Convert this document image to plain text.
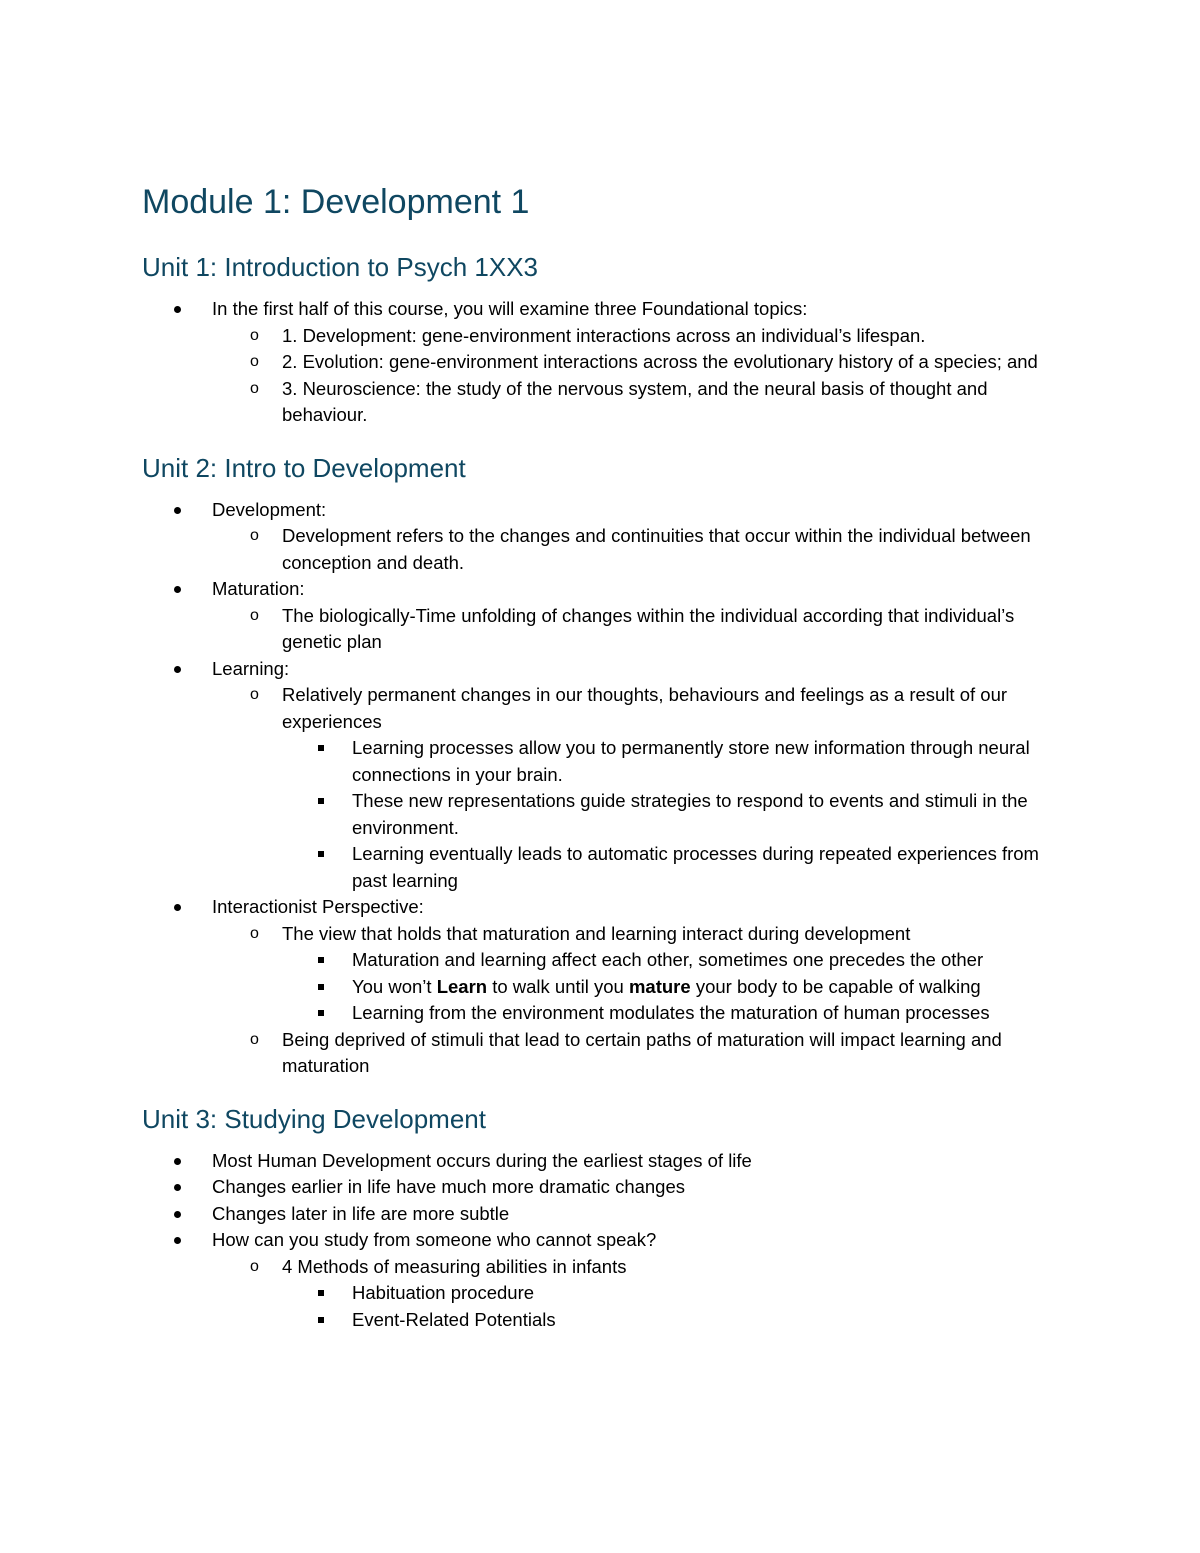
Module 1: Development 1
Unit 1: Introduction to Psych 1XX3
In the first half of this course, you will examine three Foundational topics:
o 1. Development: gene-environment interactions across an individual’s lifespan.
o 2. Evolution: gene-environment interactions across the evolutionary history of a species; and
o 3. Neuroscience: the study of the nervous system, and the neural basis of thought and behaviour.
Unit 2: Intro to Development
Development:
o Development refers to the changes and continuities that occur within the individual between conception and death.
Maturation:
o The biologically-Time unfolding of changes within the individual according that individual’s genetic plan
Learning:
o Relatively permanent changes in our thoughts, behaviours and feelings as a result of our experiences
Learning processes allow you to permanently store new information through neural connections in your brain.
These new representations guide strategies to respond to events and stimuli in the environment.
Learning eventually leads to automatic processes during repeated experiences from past learning
Interactionist Perspective:
o The view that holds that maturation and learning interact during development
Maturation and learning affect each other, sometimes one precedes the other
You won’t Learn to walk until you mature your body to be capable of walking
Learning from the environment modulates the maturation of human processes
o Being deprived of stimuli that lead to certain paths of maturation will impact learning and maturation
Unit 3: Studying Development
Most Human Development occurs during the earliest stages of life
Changes earlier in life have much more dramatic changes
Changes later in life are more subtle
How can you study from someone who cannot speak?
o 4 Methods of measuring abilities in infants
Habituation procedure
Event-Related Potentials
